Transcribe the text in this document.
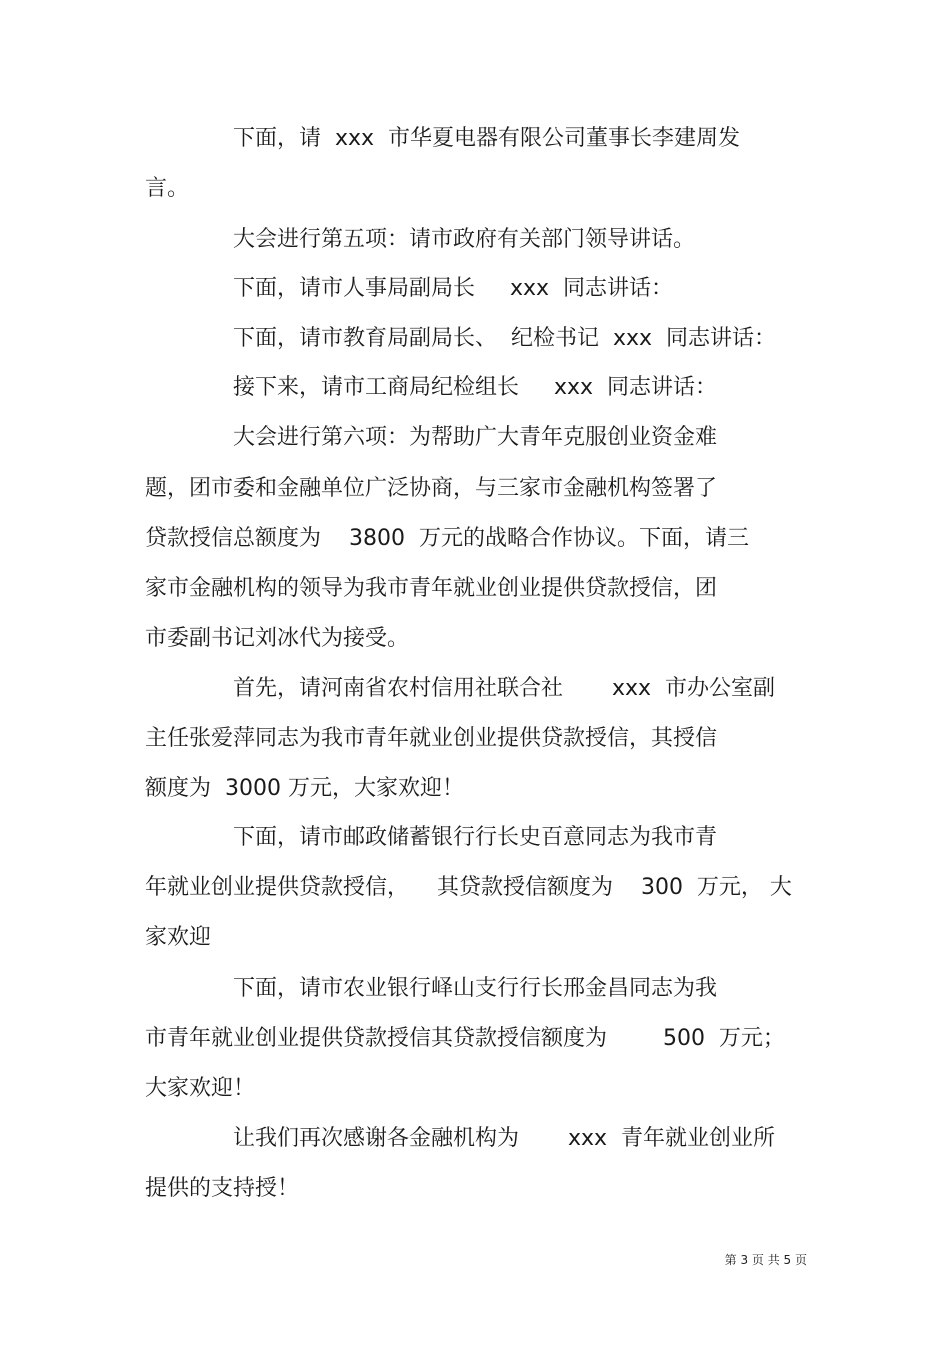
下面，请  xxx  市华夏电器有限公司董事长李建周发
言。
大会进行第五项：请市政府有关部门领导讲话。
下面，请市人事局副局长     xxx  同志讲话：
下面，请市教育局副局长、  纪检书记  xxx  同志讲话：
接下来，请市工商局纪检组长     xxx  同志讲话：
大会进行第六项：为帮助广大青年克服创业资金难
题，团市委和金融单位广泛协商，与三家市金融机构签署了
贷款授信总额度为    3800  万元的战略合作协议。下面，请三
家市金融机构的领导为我市青年就业创业提供贷款授信，团
市委副书记刘冰代为接受。
首先，请河南省农村信用社联合社       xxx  市办公室副
主任张爱萍同志为我市青年就业创业提供贷款授信，其授信
额度为  3000 万元，大家欢迎！
下面，请市邮政储蓄银行行长史百意同志为我市青
年就业创业提供贷款授信，    其贷款授信额度为    300  万元， 大
家欢迎
下面，请市农业银行峄山支行行长邢金昌同志为我
市青年就业创业提供贷款授信其贷款授信额度为        500  万元；
大家欢迎！
让我们再次感谢各金融机构为       xxx  青年就业创业所
提供的支持授！
第 3 页 共 5 页
